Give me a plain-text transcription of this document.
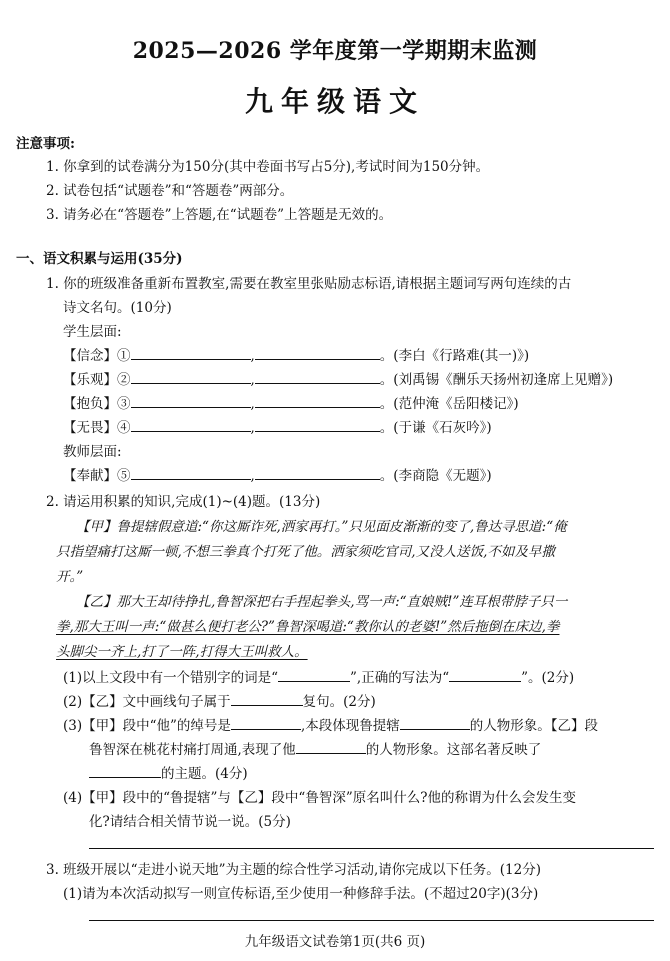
2025—2026 学年度第一学期期末监测
九年级语文
注意事项:
1. 你拿到的试卷满分为150分(其中卷面书写占5分),考试时间为150分钟。
2. 试卷包括“试题卷”和“答题卷”两部分。
3. 请务必在“答题卷”上答题,在“试题卷”上答题是无效的。
一、语文积累与运用(35分)
1. 你的班级准备重新布置教室,需要在教室里张贴励志标语,请根据主题词写两句连续的古
诗文名句。(10分)
学生层面:
【信念】①	,	。(李白《行路难(其一)》)
【乐观】②	,	。(刘禹锡《酬乐天扬州初逢席上见赠》)
【抱负】③	,	。(范仲淹《岳阳楼记》)
【无畏】④	,	。(于谦《石灰吟》)
教师层面:
【奉献】⑤	,	。(李商隐《无题》)
2. 请运用积累的知识,完成(1)~(4)题。(13分)
【甲】鲁提辖假意道:“你这厮诈死,洒家再打。”只见面皮渐渐的变了,鲁达寻思道:“俺
只指望痛打这厮一顿,不想三拳真个打死了他。洒家须吃官司,又没人送饭,不如及早撒
开。”
【乙】那大王却待挣扎,鲁智深把右手捏起拳头,骂一声:“直娘贼!”连耳根带脖子只一
拳,那大王叫一声:“做甚么便打老公?”鲁智深喝道:“教你认的老婆!”然后拖倒在床边,拳
头脚尖一齐上,打了一阵,打得大王叫救人。
(1)以上文段中有一个错别字的词是“	”,正确的写法为“	”。(2分)
(2)【乙】文中画线句子属于	复句。(2分)
(3)【甲】段中“他”的绰号是	,本段体现鲁提辖	的人物形象。【乙】段
鲁智深在桃花村痛打周通,表现了他	的人物形象。这部名著反映了
的主题。(4分)
(4)【甲】段中的“鲁提辖”与【乙】段中“鲁智深”原名叫什么?他的称谓为什么会发生变
化?请结合相关情节说一说。(5分)
3. 班级开展以“走进小说天地”为主题的综合性学习活动,请你完成以下任务。(12分)
(1)请为本次活动拟写一则宣传标语,至少使用一种修辞手法。(不超过20字)(3分)
九年级语文试卷第1页(共6 页)
